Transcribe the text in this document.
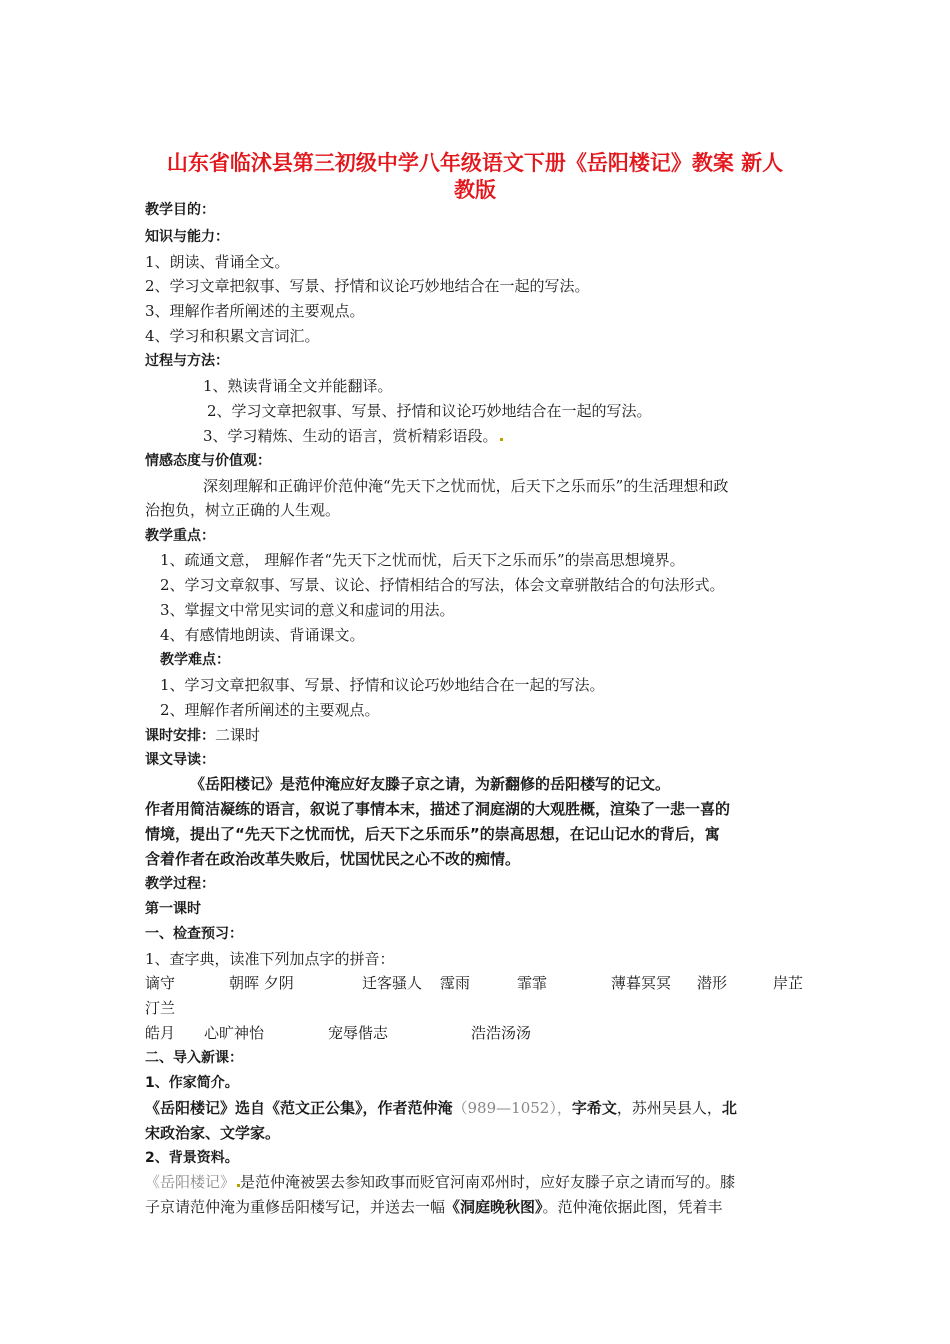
山东省临沭县第三初级中学八年级语文下册《岳阳楼记》教案 新人
教版
教学目的：
知识与能力：
1、朗读、背诵全文。
2、学习文章把叙事、写景、抒情和议论巧妙地结合在一起的写法。
3、理解作者所阐述的主要观点。
4、学习和积累文言词汇。
过程与方法：
1、熟读背诵全文并能翻译。
2、学习文章把叙事、写景、抒情和议论巧妙地结合在一起的写法。
3、学习精炼、生动的语言，赏析精彩语段。
情感态度与价值观：
深刻理解和正确评价范仲淹“先天下之忧而忧，后天下之乐而乐”的生活理想和政
治抱负，树立正确的人生观。
教学重点：
1、疏通文意， 理解作者“先天下之忧而忧，后天下之乐而乐”的崇高思想境界。
2、学习文章叙事、写景、议论、抒情相结合的写法，体会文章骈散结合的句法形式。
3、掌握文中常见实词的意义和虚词的用法。
4、有感情地朗读、背诵课文。
教学难点：
1、学习文章把叙事、写景、抒情和议论巧妙地结合在一起的写法。
2、理解作者所阐述的主要观点。
课时安排：二课时
课文导读：
《岳阳楼记》是范仲淹应好友滕子京之请，为新翻修的岳阳楼写的记文。
作者用简洁凝练的语言，叙说了事情本末，描述了洞庭湖的大观胜概，渲染了一悲一喜的
情境，提出了“先天下之忧而忧，后天下之乐而乐”的崇高思想，在记山记水的背后，寓
含着作者在政治改革失败后，忧国忧民之心不改的痴情。
教学过程：
第一课时
一、检查预习：
1、查字典，读准下列加点字的拼音：
谪守	朝晖 夕阴	迁客骚人 霪雨	霏霏	薄暮冥冥 潜形	岸芷
汀兰
皓月 心旷神怡	宠辱偕志	浩浩汤汤
二、导入新课：
1、作家简介。
《岳阳楼记》选自《范文正公集》，作者范仲淹（989—1052），字希文，苏州吴县人，北
宋政治家、文学家。
2、背景资料。
《岳阳楼记》 是范仲淹被罢去参知政事而贬官河南邓州时，应好友滕子京之请而写的。膝
子京请范仲淹为重修岳阳楼写记，并送去一幅《洞庭晚秋图》。范仲淹依据此图，凭着丰
